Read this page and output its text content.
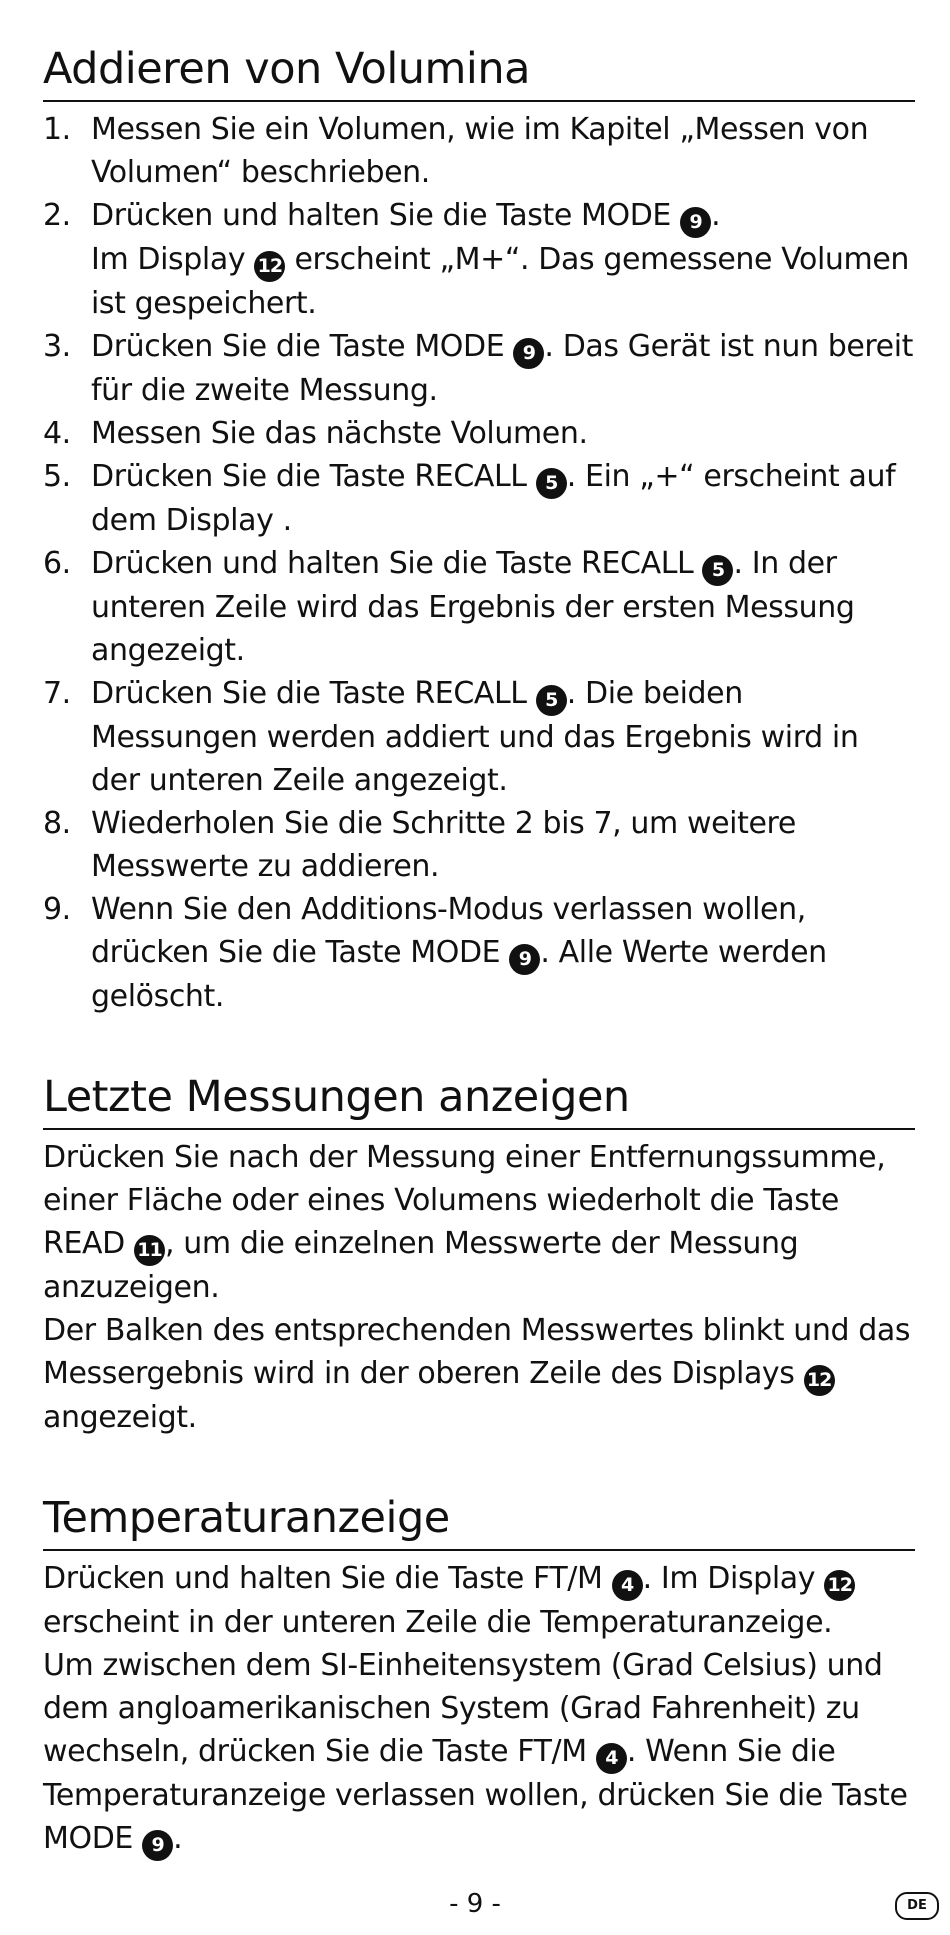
Addieren von Volumina
1. Messen Sie ein Volumen, wie im Kapitel „Messen von Volumen“ beschrieben.
2. Drücken und halten Sie die Taste MODE 9 .
Im Display 12 erscheint „M+“. Das gemessene Volumen ist gespeichert.
3. Drücken Sie die Taste MODE 9 . Das Gerät ist nun bereit für die zweite Messung.
4. Messen Sie das nächste Volumen.
5. Drücken Sie die Taste RECALL 5 . Ein „+“ erscheint auf dem Display .
6. Drücken und halten Sie die Taste RECALL 5 . In der unteren Zeile wird das Ergebnis der ersten Messung angezeigt.
7. Drücken Sie die Taste RECALL 5 . Die beiden Messungen werden addiert und das Ergebnis wird in der unteren Zeile angezeigt.
8. Wiederholen Sie die Schritte 2 bis 7, um weitere Messwerte zu addieren.
9. Wenn Sie den Additions-Modus verlassen wollen, drücken Sie die Taste MODE 9 . Alle Werte werden gelöscht.
Letzte Messungen anzeigen

Drücken Sie nach der Messung einer Entfernungssumme, einer Fläche oder eines Volumens wiederholt die Taste READ 11 , um die einzelnen Messwerte der Messung anzuzeigen.

Der Balken des entsprechenden Messwertes blinkt und das Messergebnis wird in der oberen Zeile des Displays 12 angezeigt.

Temperaturanzeige

Drücken und halten Sie die Taste FT/M 4 . Im Display 12 erscheint in der unteren Zeile die Temperaturanzeige.

Um zwischen dem SI-Einheitensystem (Grad Celsius) und dem angloamerikanischen System (Grad Fahrenheit) zu wechseln, drücken Sie die Taste FT/M 4 . Wenn Sie die Temperaturanzeige verlassen wollen, drücken Sie die Taste MODE 9 .

- 9 -	DE
